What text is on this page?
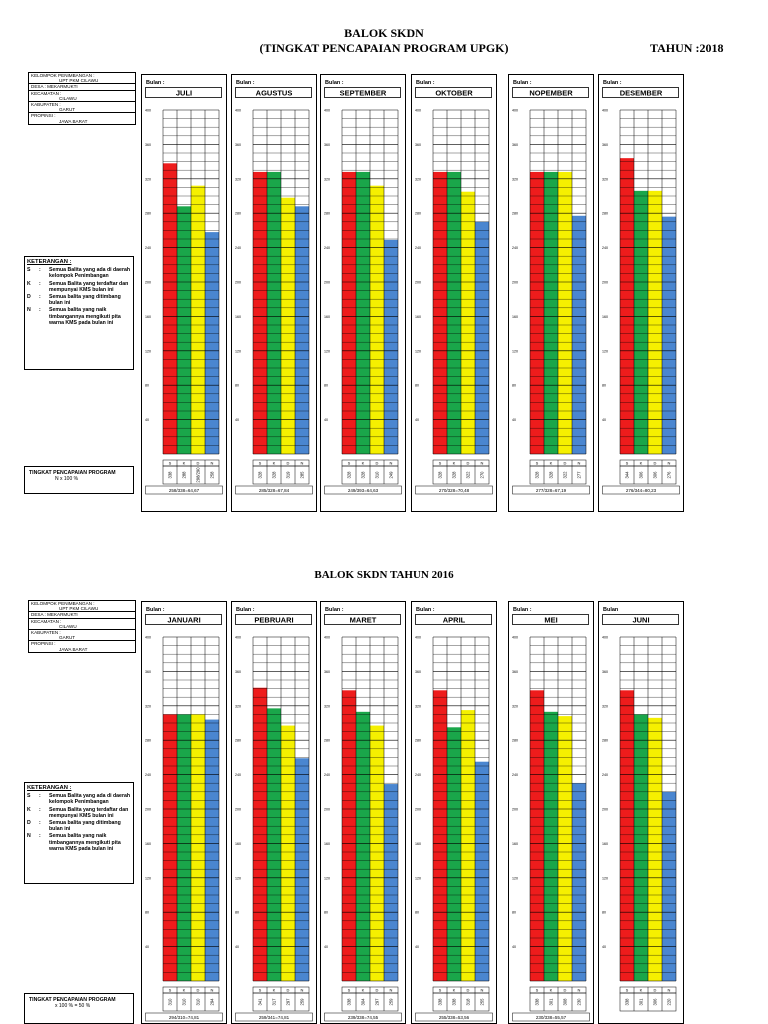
BALOK SKDN
(TINGKAT PENCAPAIAN PROGRAM UPGK)	TAHUN :2018
BALOK SKDN TAHUN 2016
KELOMPOK PENIMBANGAN :
UPT PKM CILAWU
DESA : MEKARMUKTI
KECAMATAN :
CILAWU
KABUPATEN :
GARUT
PROPINSI :
JAWA BARAT
KETERANGAN :
S	:	Semua Balita yang ada di daerah kelompok Penimbangan
K	:	Semua Balita yang terdaftar dan mempunyai KMS bulan ini
D	:	Semua balita yang ditimbang bulan ini
N	:	Semua balita yang naik timbangannya mengikuti pita warna KMS pada bulan ini
TINGKAT PENCAPAIAN PROGRAM
N x 100 %
KELOMPOK PENIMBANGAN :
UPT PKM CILAWU
DESA : MEKARMUKTI
KECAMATAN :
CILAWU
KABUPATEN :
GARUT
PROPINSI :
JAWA BARAT
KETERANGAN :
S	:	Semua Balita yang ada di daerah kelompok Penimbangan
K	:	Semua Balita yang terdaftar dan mempunyai KMS bulan ini
D	:	Semua balita yang ditimbang bulan ini
N	:	Semua balita yang naik timbangannya mengikuti pita warna KMS pada bulan ini
TINGKAT PENCAPAIAN PROGRAM
x 100 % = 50 %
Bulan :
JULI
400
360
320
280
240
200
160
120
80
40
S	K	D	N
338 288 298/290 258
258/338=64,67
Bulan :
AGUSTUS
400
360
320
280
240
200
160
120
80
40
S	K	D	N
328 328 319 285
285/328=67,84
Bulan :
SEPTEMBER
400
360
320
280
240
200
160
120
80
40
S	K	D	N
328 328 310 249
249/393=64,63
Bulan :
OKTOBER
400
360
320
280
240
200
160
120
80
40
S	K	D	N
328 328 322 270
270/328=70,48
Bulan :
NOPEMBER
400
360
320
280
240
200
160
120
80
40
S	K	D	N
328 328 322 277
277/328=67,19
Bulan :
DESEMBER
400
360
320
280
240
200
160
120
80
40
S	K	D	N
344 306 306 276
276/344=80,23
Bulan :
JANUARI
400
360
320
280
240
200
160
120
80
40
S	K	D	N
310 310 310 294
294/310=74,81
Bulan :
PEBRUARI
400
360
320
280
240
200
160
120
80
40
S	K	D	N
341 317 297 259
259/341=74,81
Bulan :
MARET
400
360
320
280
240
200
160
120
80
40
S	K	D	N
338 304 297 259
239/338=74,55
Bulan :
APRIL
400
360
320
280
240
200
160
120
80
40
S	K	D	N
338 338 318 255
255/338=53,56
Bulan :
MEI
400
360
320
280
240
200
160
120
80
40
S	K	D	N
338 301 308 230
230/338=55,57
Bulan
JUNI
400
360
320
280
240
200
160
120
80
40
S	K	D	N
338 301 306 220
